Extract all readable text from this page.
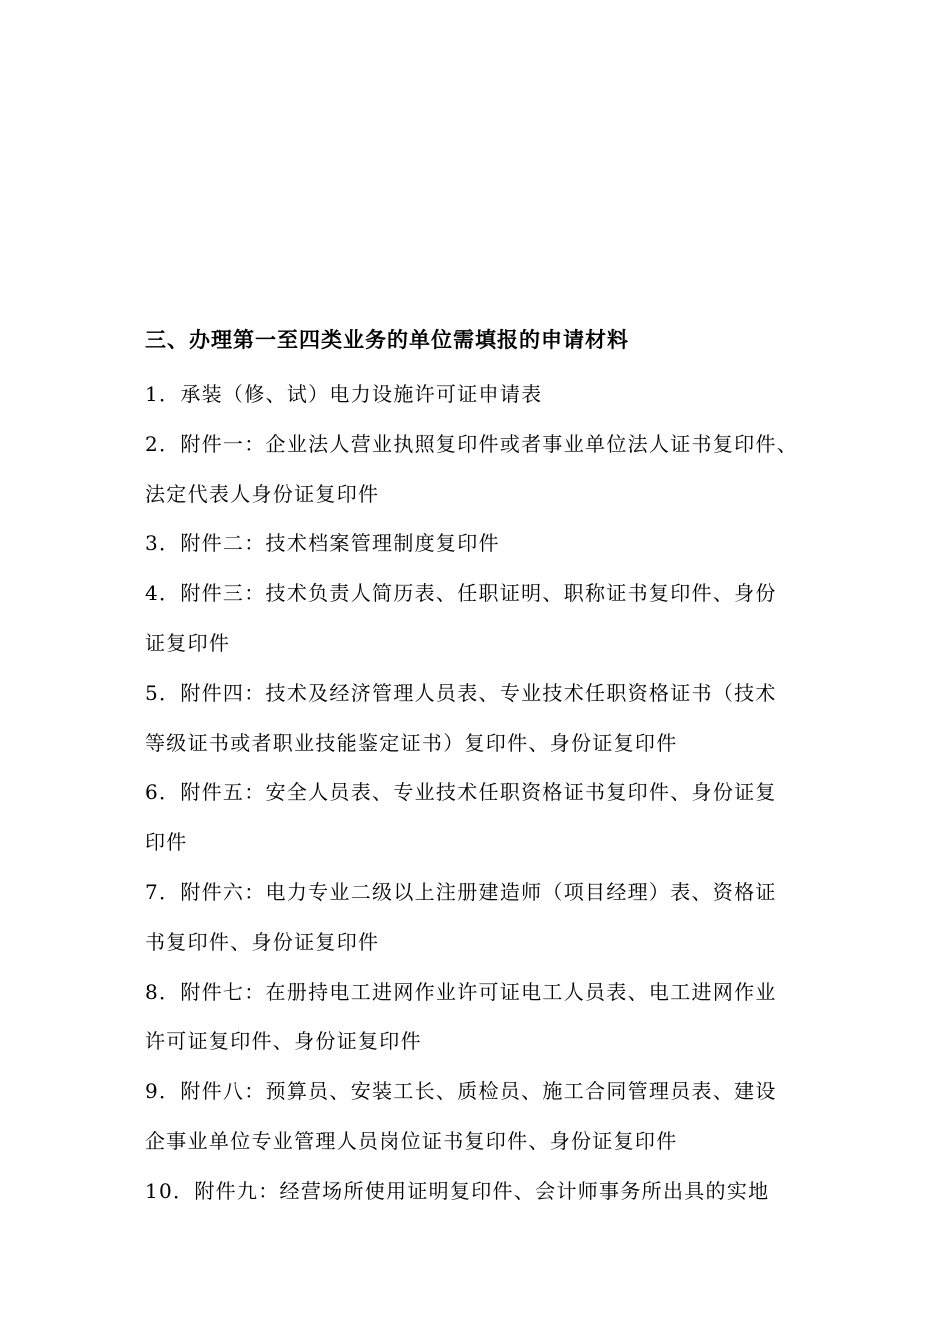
三、办理第一至四类业务的单位需填报的申请材料
1．承装（修、试）电力设施许可证申请表
2．附件一：企业法人营业执照复印件或者事业单位法人证书复印件、
法定代表人身份证复印件
3．附件二：技术档案管理制度复印件
4．附件三：技术负责人简历表、任职证明、职称证书复印件、身份
证复印件
5．附件四：技术及经济管理人员表、专业技术任职资格证书（技术
等级证书或者职业技能鉴定证书）复印件、身份证复印件
6．附件五：安全人员表、专业技术任职资格证书复印件、身份证复
印件
7．附件六：电力专业二级以上注册建造师（项目经理）表、资格证
书复印件、身份证复印件
8．附件七：在册持电工进网作业许可证电工人员表、电工进网作业
许可证复印件、身份证复印件
9．附件八：预算员、安装工长、质检员、施工合同管理员表、建设
企事业单位专业管理人员岗位证书复印件、身份证复印件
10．附件九：经营场所使用证明复印件、会计师事务所出具的实地
